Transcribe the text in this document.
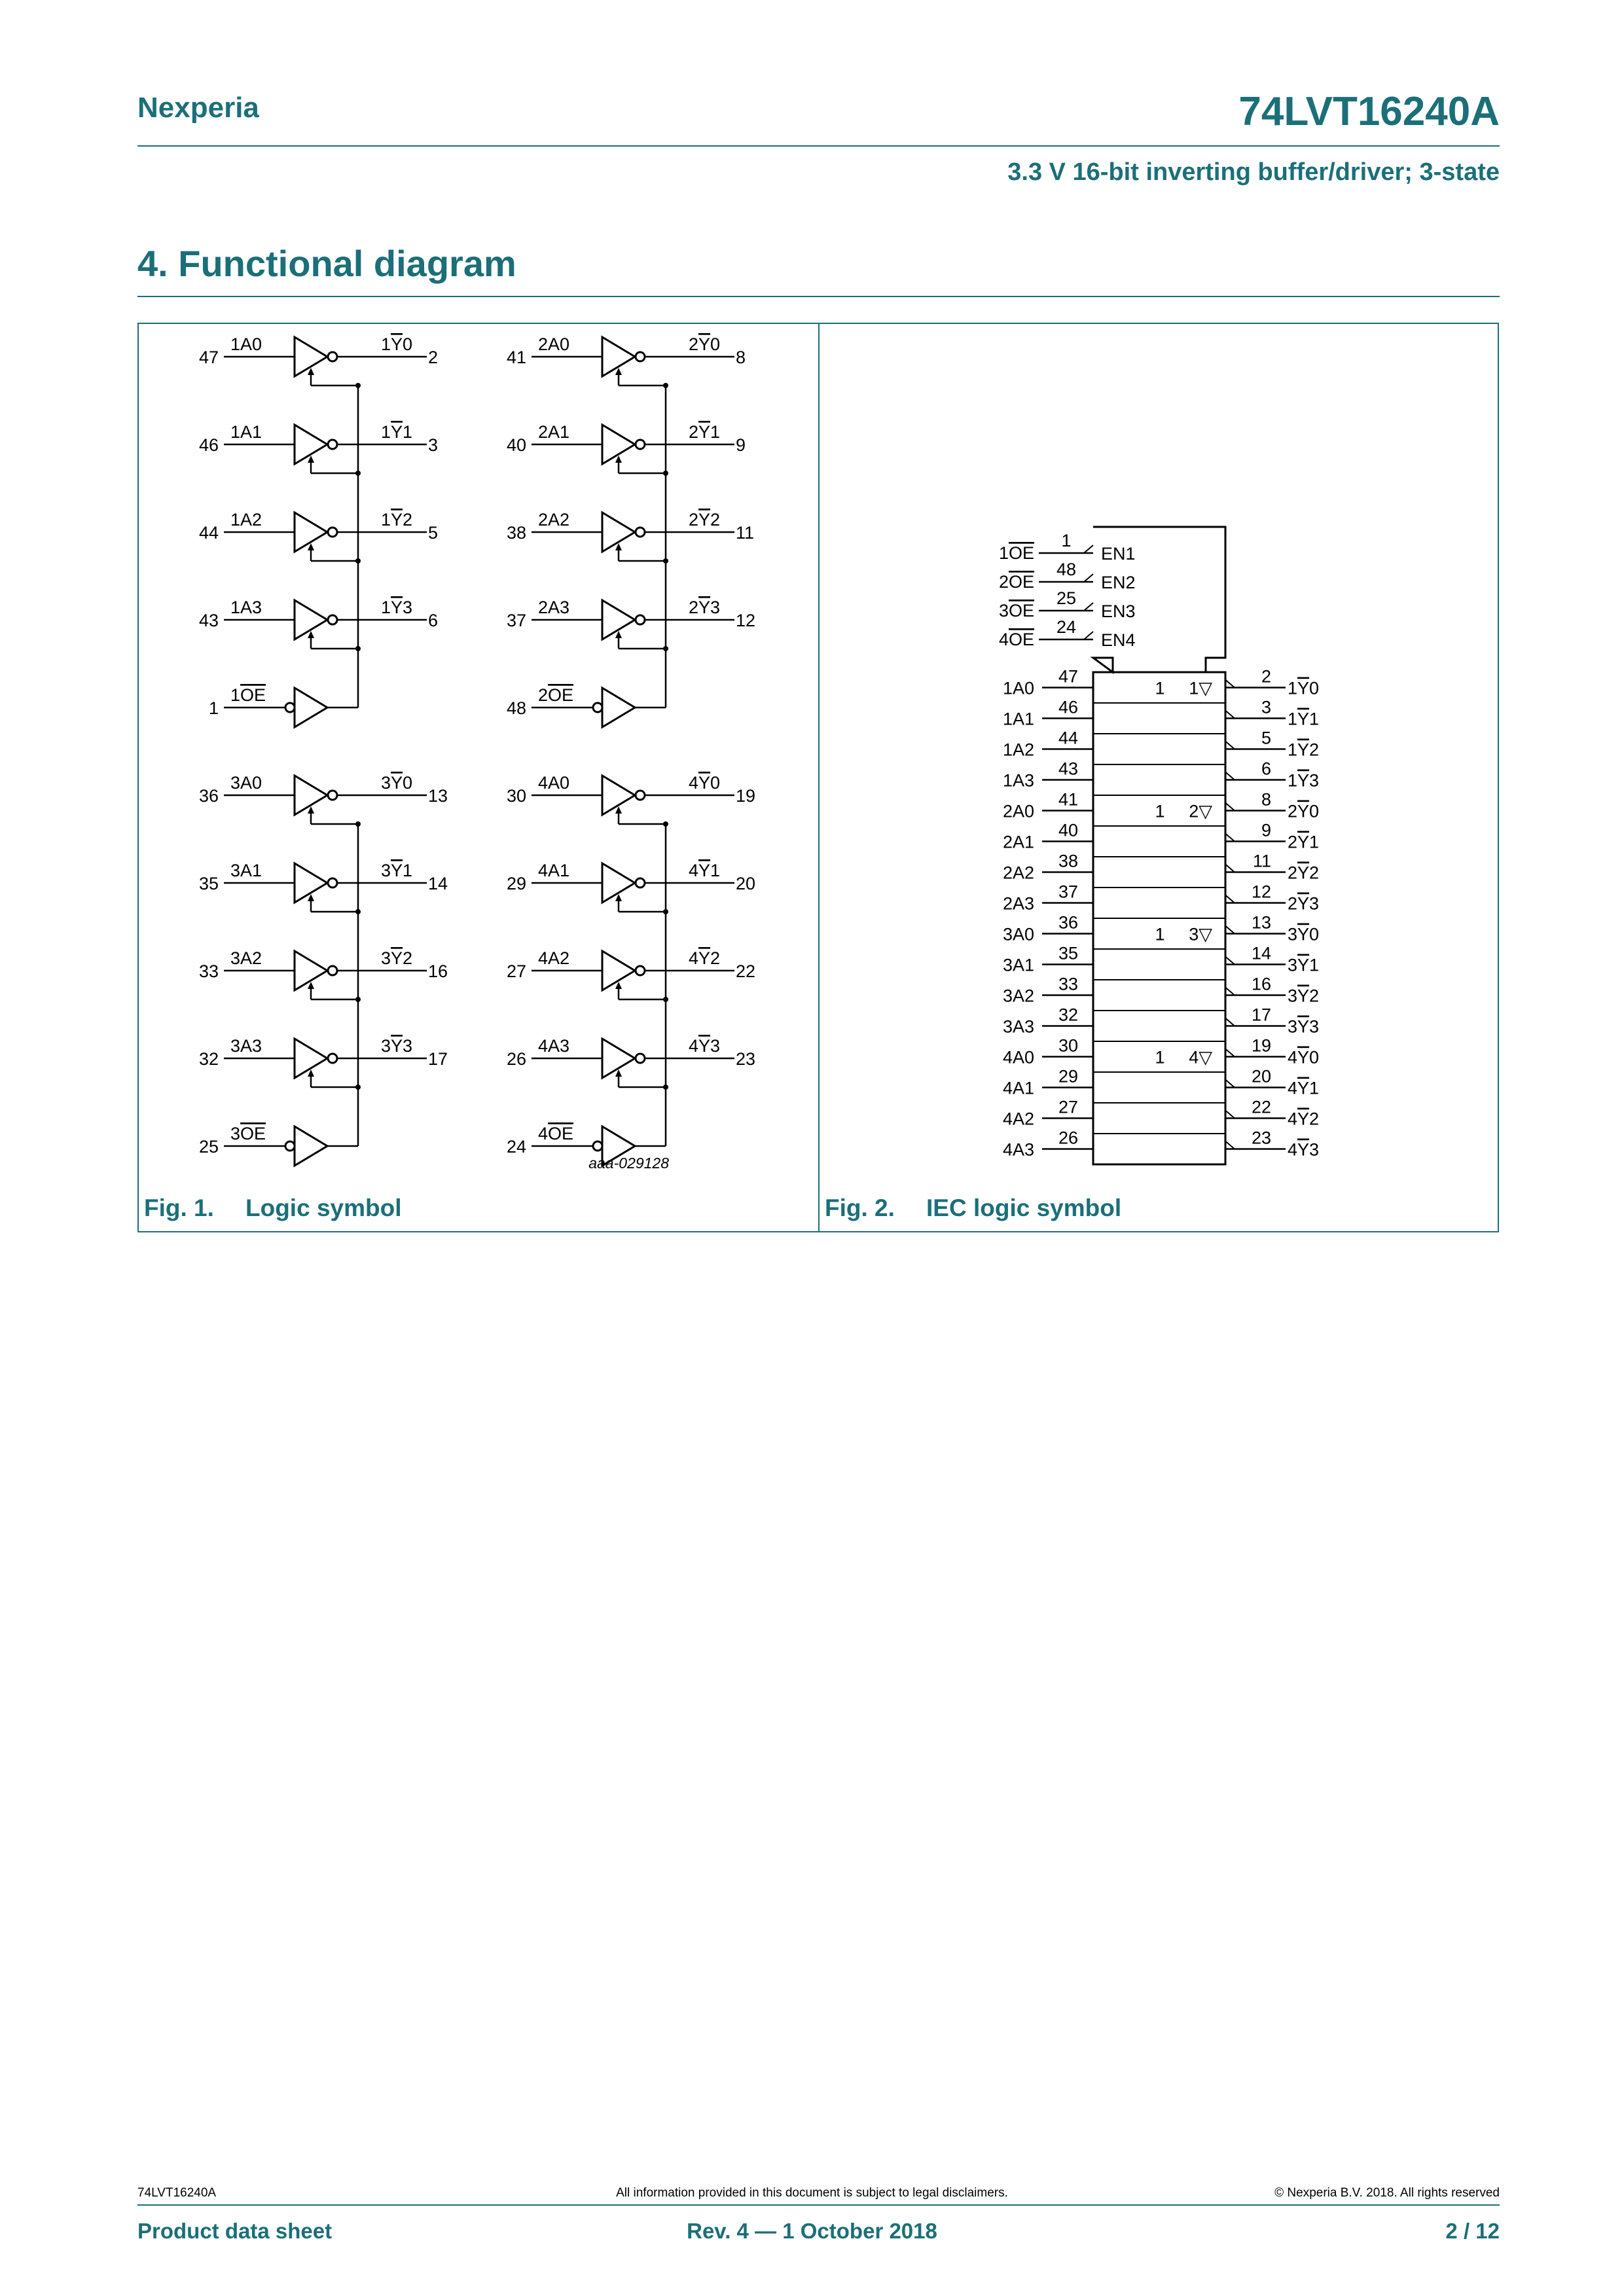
Nexperia	74LVT16240A
3.3 V 16-bit inverting buffer/driver; 3-state
4. Functional diagram
47
1A0	1Y0
2
46
1A1	1Y1
3
44
1A2	1Y2
5
43
1A3	1Y3
6
1
1OE
41
2A0	2Y0
8
40
2A1	2Y1
9
38
2A2	2Y2
11
37
2A3	2Y3
12
48
2OE
36
3A0	3Y0
13
35
3A1	3Y1
14
33
3A2	3Y2
16
32
3A3	3Y3
17
25
3OE
30
4A0	4Y0
19
29
4A1	4Y1
20
27
4A2	4Y2
22
26
4A3	4Y3
23
24
4OE
aaa-029128
1OE
1
EN1
2OE
48
EN2
3OE
25
EN3
4OE
24
EN4
1A0
47	2
1Y0
1 1▽
1A1
46	3
1Y1
1A2
44	5
1Y2
1A3
43	6
1Y3
2A0
41	8
2Y0
1 2▽
2A1
40	9
2Y1
2A2
38	11
2Y2
2A3
37	12
2Y3
3A0
36	13
3Y0
1 3▽
3A1
35	14
3Y1
3A2
33	16
3Y2
3A3
32	17
3Y3
4A0
30	19
4Y0
1 4▽
4A1
29	20
4Y1
4A2
27	22
4Y2
4A3
26	23
4Y3
Fig. 1. Logic symbol	Fig. 2. IEC logic symbol
74LVT16240A	All information provided in this document is subject to legal disclaimers.	© Nexperia B.V. 2018. All rights reserved
Product data sheet	Rev. 4 — 1 October 2018	2 / 12
